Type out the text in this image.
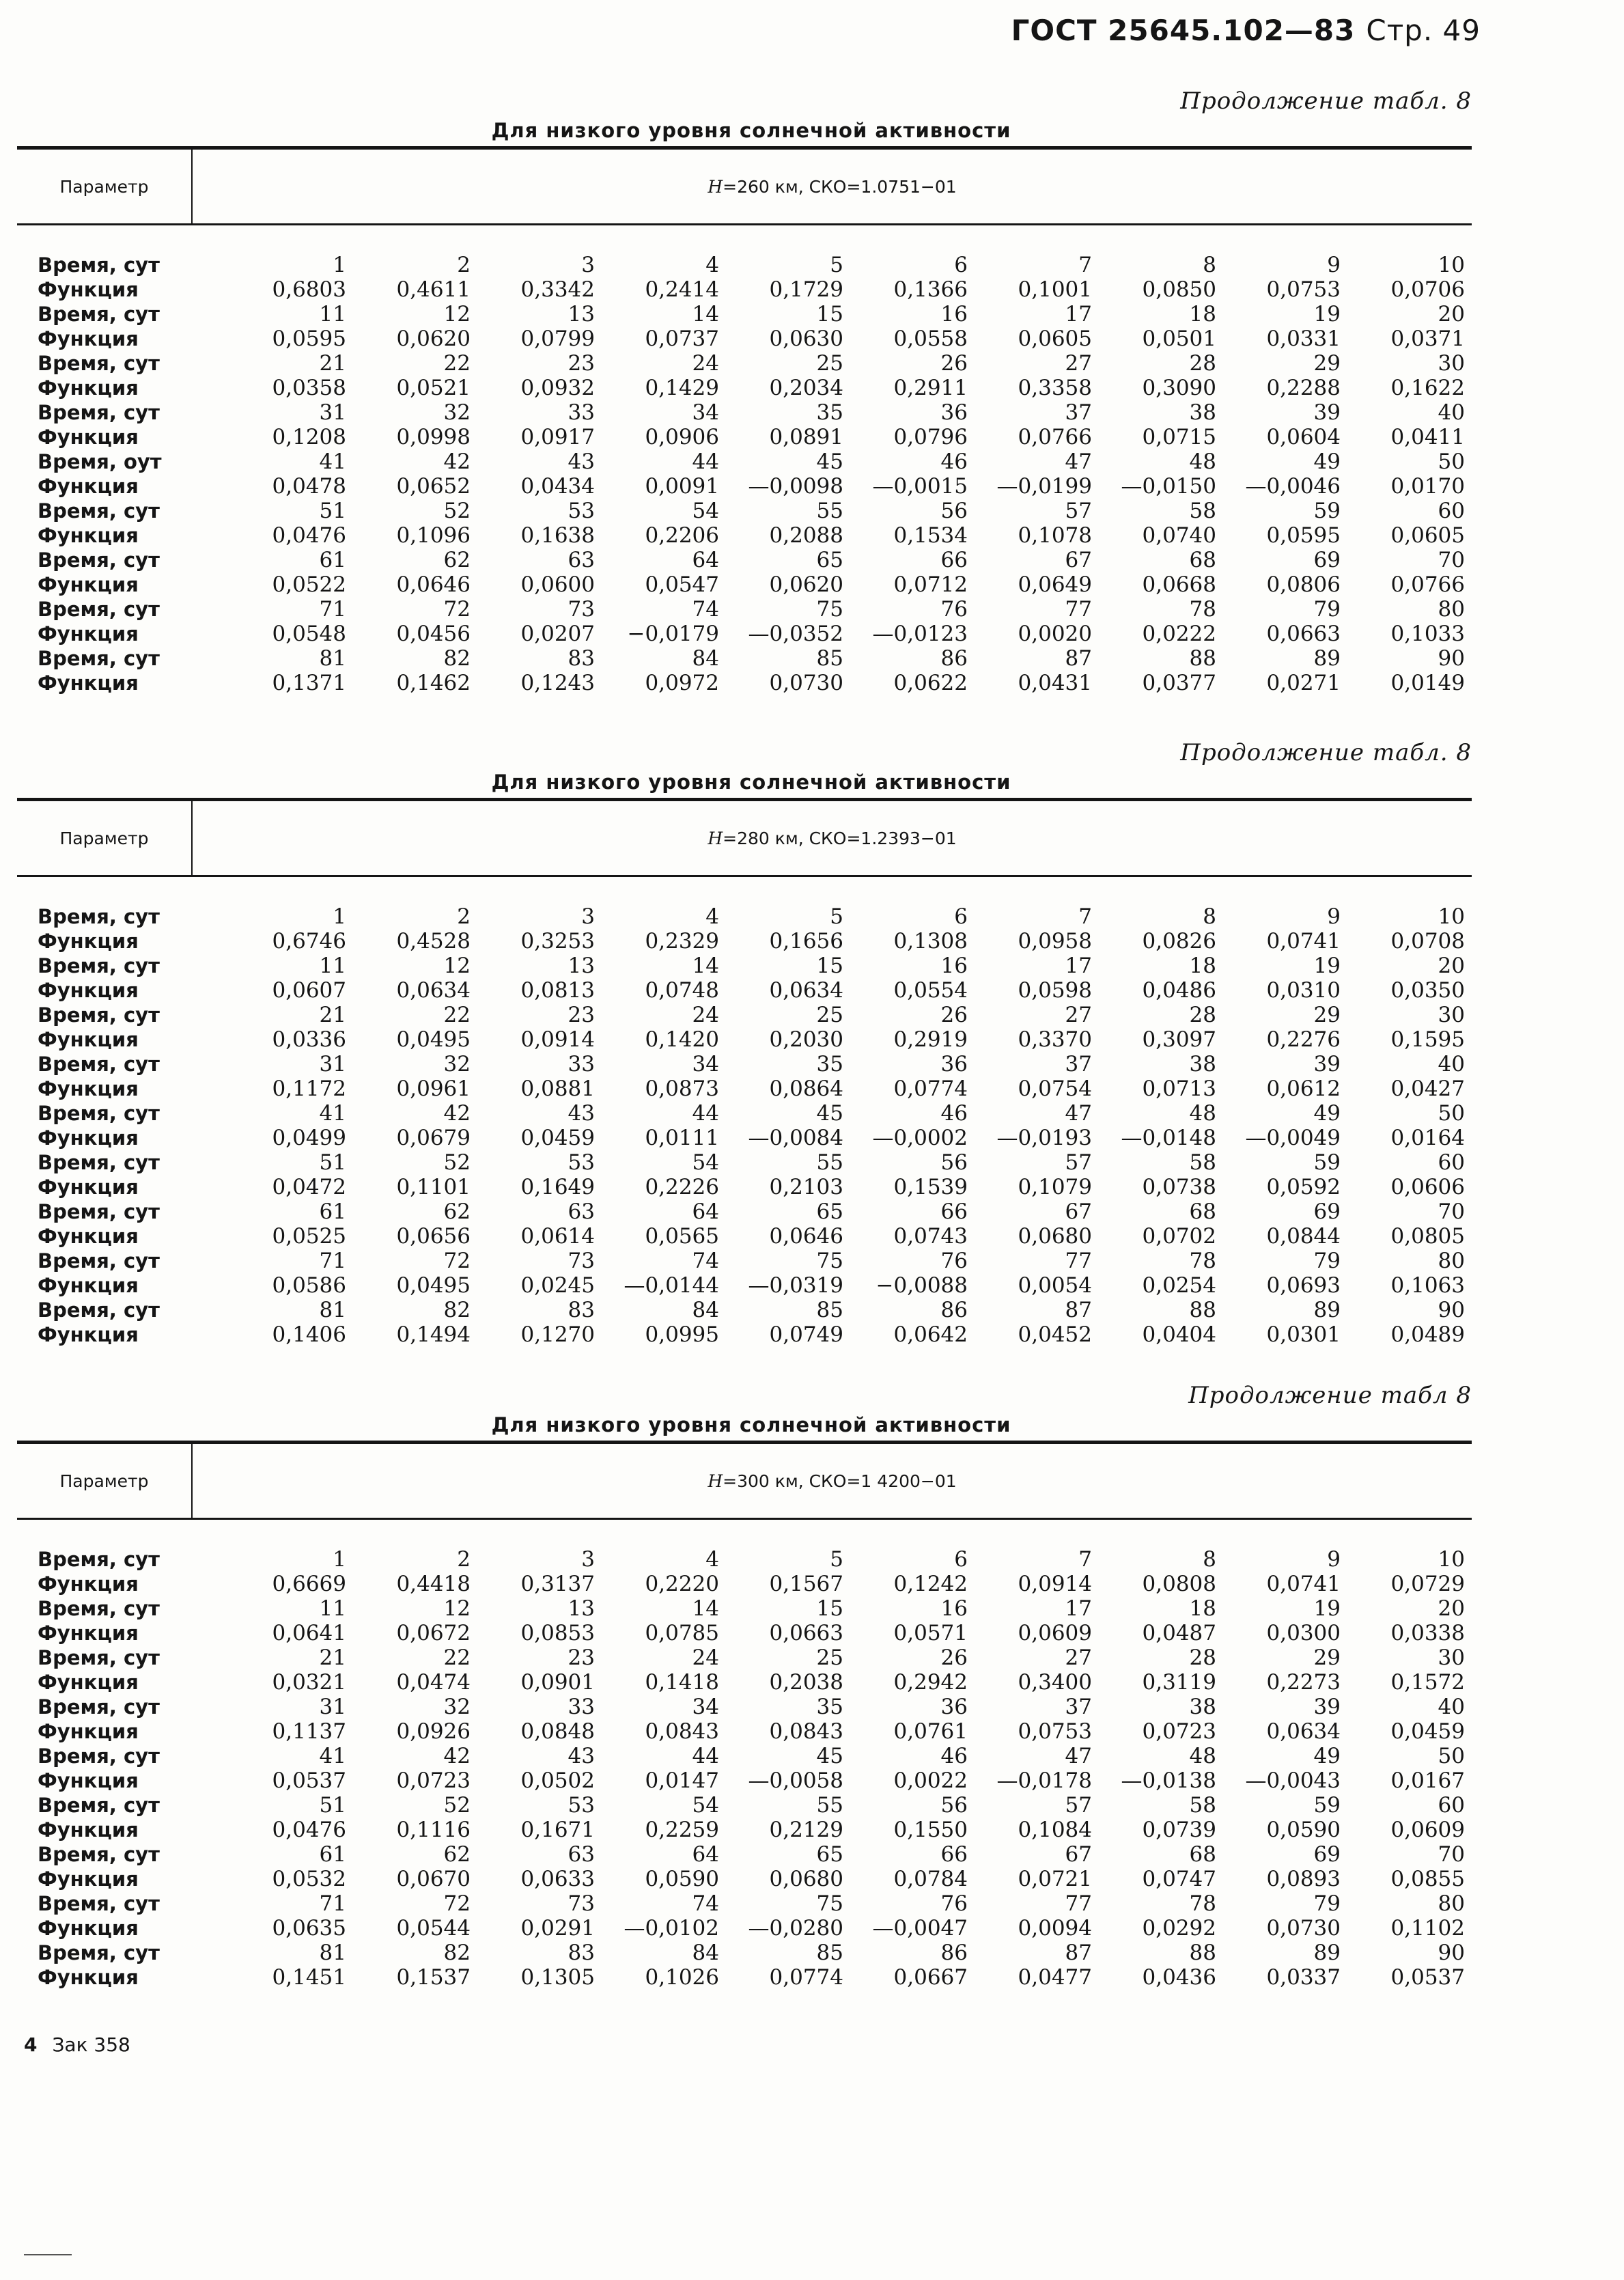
ГОСТ 25645.102—83 Стр. 49
Продолжение табл. 8
Для низкого уровня солнечной активности
Параметр	H =260 км, СКО=1.0751−01
Время, сут	1	2	3	4	5	6	7	8	9	10
Функция	0,6803	0,4611	0,3342	0,2414	0,1729	0,1366	0,1001	0,0850	0,0753	0,0706
Время, сут	11	12	13	14	15	16	17	18	19	20
Функция	0,0595	0,0620	0,0799	0,0737	0,0630	0,0558	0,0605	0,0501	0,0331	0,0371
Время, сут	21	22	23	24	25	26	27	28	29	30
Функция	0,0358	0,0521	0,0932	0,1429	0,2034	0,2911	0,3358	0,3090	0,2288	0,1622
Время, сут	31	32	33	34	35	36	37	38	39	40
Функция	0,1208	0,0998	0,0917	0,0906	0,0891	0,0796	0,0766	0,0715	0,0604	0,0411
Время, оут	41	42	43	44	45	46	47	48	49	50
Функция	0,0478	0,0652	0,0434	0,0091	—0,0098	—0,0015	—0,0199	—0,0150	—0,0046	0,0170
Время, сут	51	52	53	54	55	56	57	58	59	60
Функция	0,0476	0,1096	0,1638	0,2206	0,2088	0,1534	0,1078	0,0740	0,0595	0,0605
Время, сут	61	62	63	64	65	66	67	68	69	70
Функция	0,0522	0,0646	0,0600	0,0547	0,0620	0,0712	0,0649	0,0668	0,0806	0,0766
Время, сут	71	72	73	74	75	76	77	78	79	80
Функция	0,0548	0,0456	0,0207	−0,0179	—0,0352	—0,0123	0,0020	0,0222	0,0663	0,1033
Время, сут	81	82	83	84	85	86	87	88	89	90
Функция	0,1371	0,1462	0,1243	0,0972	0,0730	0,0622	0,0431	0,0377	0,0271	0,0149
Продолжение табл. 8
Для низкого уровня солнечной активности
Параметр	H =280 км, СКО=1.2393−01
Время, сут	1	2	3	4	5	6	7	8	9	10
Функция	0,6746	0,4528	0,3253	0,2329	0,1656	0,1308	0,0958	0,0826	0,0741	0,0708
Время, сут	11	12	13	14	15	16	17	18	19	20
Функция	0,0607	0,0634	0,0813	0,0748	0,0634	0,0554	0,0598	0,0486	0,0310	0,0350
Время, сут	21	22	23	24	25	26	27	28	29	30
Функция	0,0336	0,0495	0,0914	0,1420	0,2030	0,2919	0,3370	0,3097	0,2276	0,1595
Время, сут	31	32	33	34	35	36	37	38	39	40
Функция	0,1172	0,0961	0,0881	0,0873	0,0864	0,0774	0,0754	0,0713	0,0612	0,0427
Время, сут	41	42	43	44	45	46	47	48	49	50
Функция	0,0499	0,0679	0,0459	0,0111	—0,0084	—0,0002	—0,0193	—0,0148	—0,0049	0,0164
Время, сут	51	52	53	54	55	56	57	58	59	60
Функция	0,0472	0,1101	0,1649	0,2226	0,2103	0,1539	0,1079	0,0738	0,0592	0,0606
Время, сут	61	62	63	64	65	66	67	68	69	70
Функция	0,0525	0,0656	0,0614	0,0565	0,0646	0,0743	0,0680	0,0702	0,0844	0,0805
Время, сут	71	72	73	74	75	76	77	78	79	80
Функция	0,0586	0,0495	0,0245	—0,0144	—0,0319	−0,0088	0,0054	0,0254	0,0693	0,1063
Время, сут	81	82	83	84	85	86	87	88	89	90
Функция	0,1406	0,1494	0,1270	0,0995	0,0749	0,0642	0,0452	0,0404	0,0301	0,0489
Продолжение табл 8
Для низкого уровня солнечной активности
Параметр	H =300 км, СКО=1 4200−01
Время, сут	1	2	3	4	5	6	7	8	9	10
Функция	0,6669	0,4418	0,3137	0,2220	0,1567	0,1242	0,0914	0,0808	0,0741	0,0729
Время, сут	11	12	13	14	15	16	17	18	19	20
Функция	0,0641	0,0672	0,0853	0,0785	0,0663	0,0571	0,0609	0,0487	0,0300	0,0338
Время, сут	21	22	23	24	25	26	27	28	29	30
Функция	0,0321	0,0474	0,0901	0,1418	0,2038	0,2942	0,3400	0,3119	0,2273	0,1572
Время, сут	31	32	33	34	35	36	37	38	39	40
Функция	0,1137	0,0926	0,0848	0,0843	0,0843	0,0761	0,0753	0,0723	0,0634	0,0459
Время, сут	41	42	43	44	45	46	47	48	49	50
Функция	0,0537	0,0723	0,0502	0,0147	—0,0058	0,0022	—0,0178	—0,0138	—0,0043	0,0167
Время, сут	51	52	53	54	55	56	57	58	59	60
Функция	0,0476	0,1116	0,1671	0,2259	0,2129	0,1550	0,1084	0,0739	0,0590	0,0609
Время, сут	61	62	63	64	65	66	67	68	69	70
Функция	0,0532	0,0670	0,0633	0,0590	0,0680	0,0784	0,0721	0,0747	0,0893	0,0855
Время, сут	71	72	73	74	75	76	77	78	79	80
Функция	0,0635	0,0544	0,0291	—0,0102	—0,0280	—0,0047	0,0094	0,0292	0,0730	0,1102
Время, сут	81	82	83	84	85	86	87	88	89	90
Функция	0,1451	0,1537	0,1305	0,1026	0,0774	0,0667	0,0477	0,0436	0,0337	0,0537
4 Зак 358
